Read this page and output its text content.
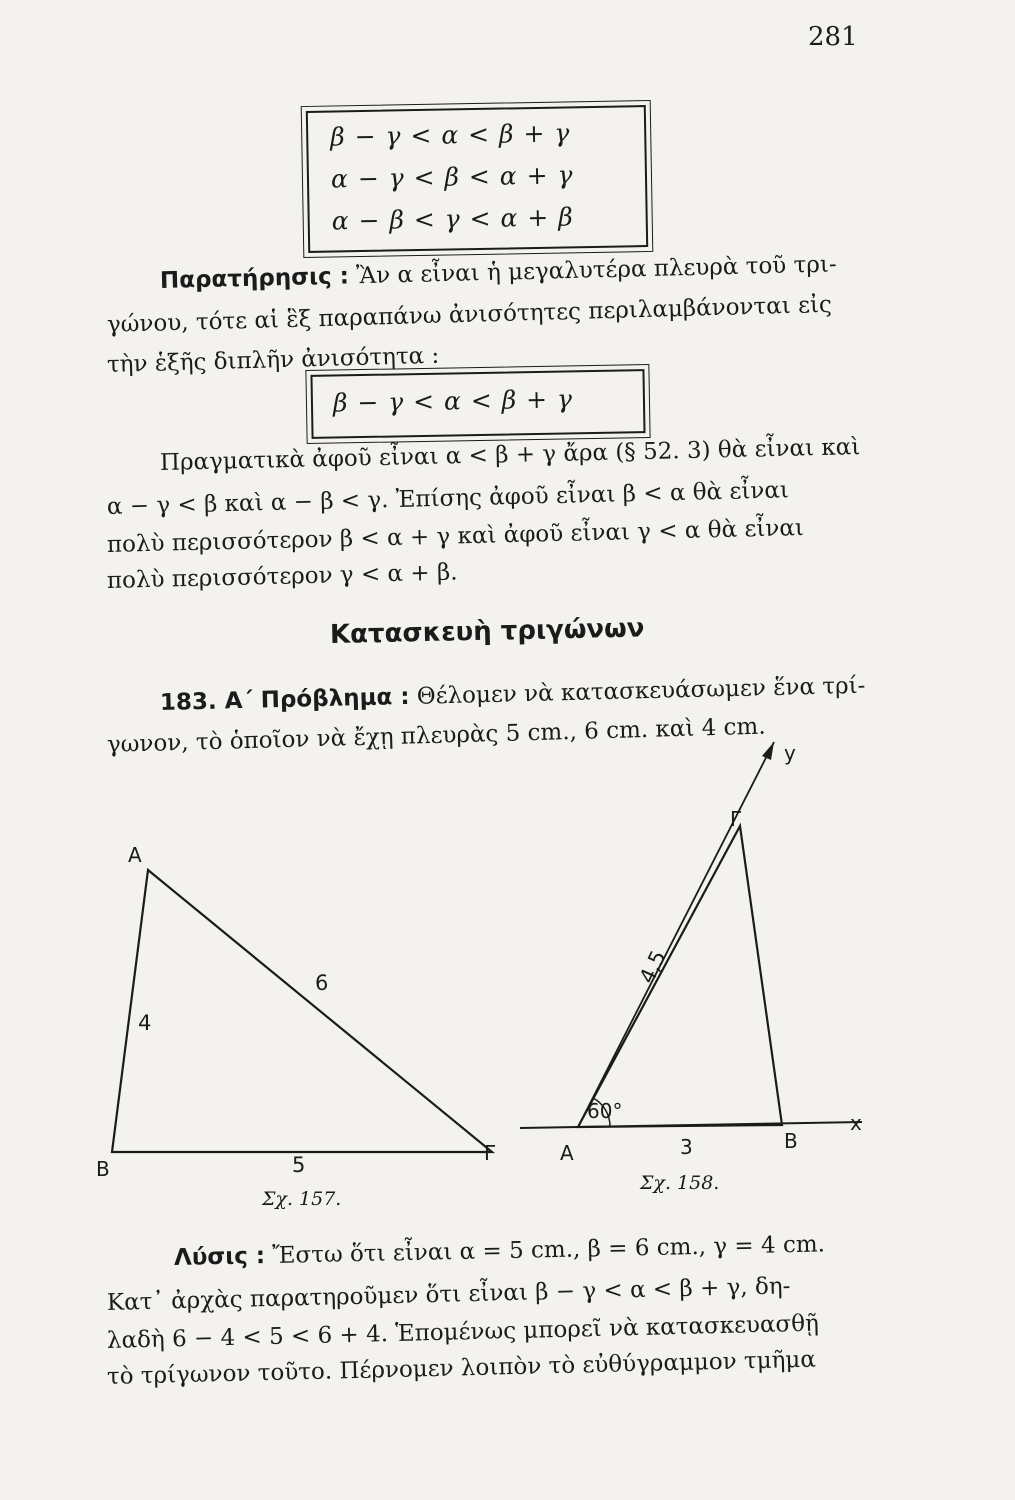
281
β − γ < α < β + γ
α − γ < β < α + γ
α − β < γ < α + β
Παρατήρησις : Ἂν α εἶναι ἡ μεγαλυτέρα πλευρὰ τοῦ τρι-
γώνου, τότε αἱ ἓξ παραπάνω ἀνισότητες περιλαμβάνονται εἰς
τὴν ἑξῆς διπλῆν ἀνισότητα :
β − γ < α < β + γ
Πραγματικὰ ἀφοῦ εἶναι α < β + γ ἄρα (§ 52. 3) θὰ εἶναι καὶ
α − γ < β καὶ α − β < γ. Ἐπίσης ἀφοῦ εἶναι β < α θὰ εἶναι
πολὺ περισσότερον β < α + γ καὶ ἀφοῦ εἶναι γ < α θὰ εἶναι
πολὺ περισσότερον γ < α + β.
Κατασκευὴ τριγώνων
183. Α΄ Πρόβλημα : Θέλομεν νὰ κατασκευάσωμεν ἕνα τρί-
γωνον, τὸ ὁποῖον νὰ ἔχῃ πλευρὰς 5 cm., 6 cm. καὶ 4 cm.
Α
Β
Γ
4
6
5
x
y
60°
Α	Β
Γ
3
4,5
Σχ. 157.
Σχ. 158.
Λύσις : Ἔστω ὅτι εἶναι α = 5 cm., β = 6 cm., γ = 4 cm.
Κατ᾽ ἀρχὰς παρατηροῦμεν ὅτι εἶναι β − γ < α < β + γ, δη-
λαδὴ 6 − 4 < 5 < 6 + 4. Ἑπομένως μπορεῖ νὰ κατασκευασθῇ
τὸ τρίγωνον τοῦτο. Πέρνομεν λοιπὸν τὸ εὐθύγραμμον τμῆμα
